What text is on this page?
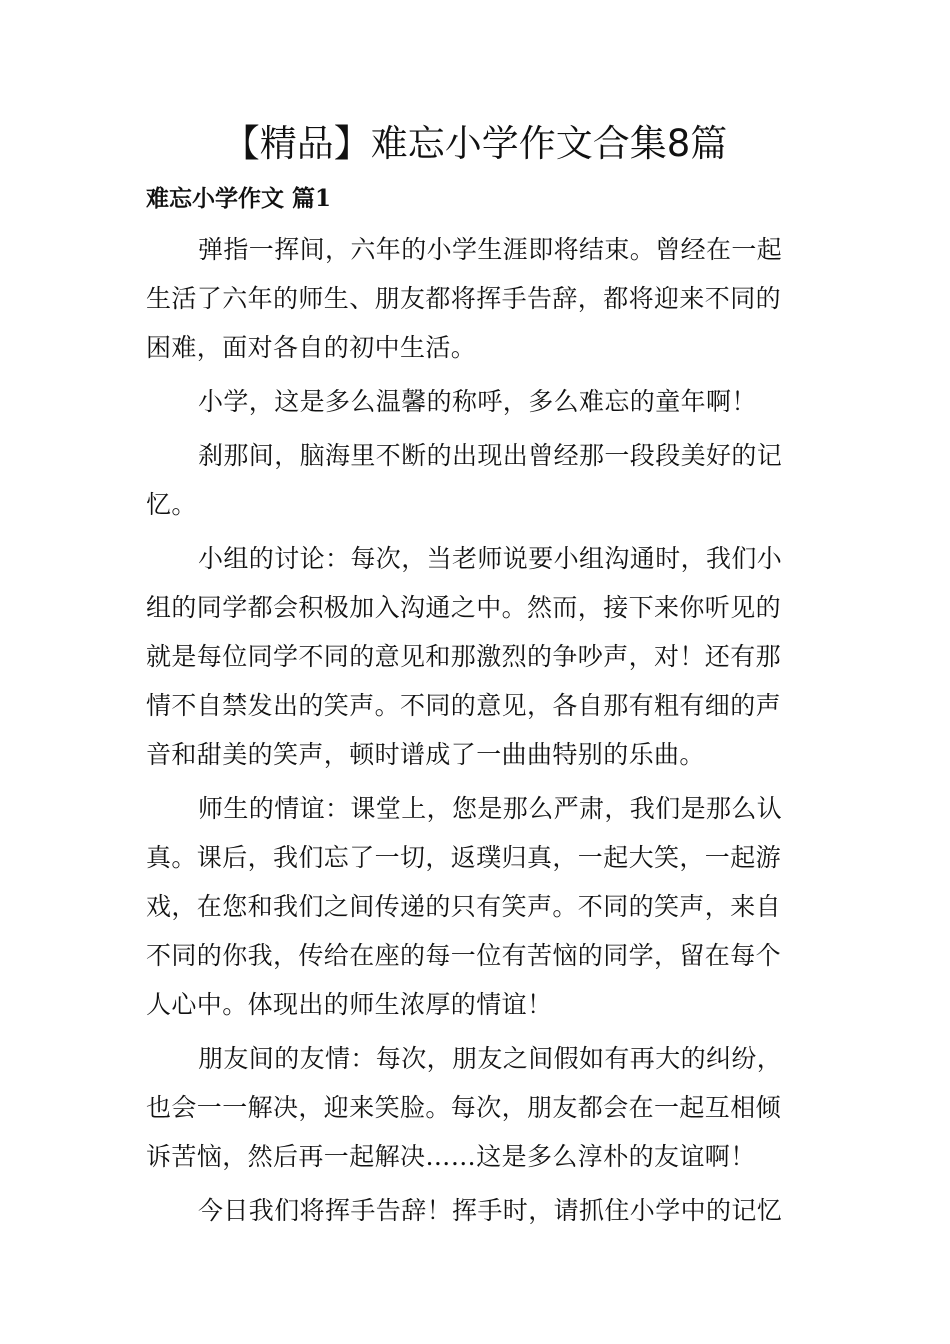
【精品】难忘小学作文合集8篇
难忘小学作文 篇1

弹指一挥间，六年的小学生涯即将结束。曾经在一起
生活了六年的师生、朋友都将挥手告辞，都将迎来不同的
困难，面对各自的初中生活。

小学，这是多么温馨的称呼，多么难忘的童年啊！

刹那间，脑海里不断的出现出曾经那一段段美好的记
忆。

小组的讨论：每次，当老师说要小组沟通时，我们小
组的同学都会积极加入沟通之中。然而，接下来你听见的
就是每位同学不同的意见和那激烈的争吵声，对！还有那
情不自禁发出的笑声。不同的意见，各自那有粗有细的声
音和甜美的笑声，顿时谱成了一曲曲特别的乐曲。

师生的情谊：课堂上，您是那么严肃，我们是那么认
真。课后，我们忘了一切，返璞归真，一起大笑，一起游
戏，在您和我们之间传递的只有笑声。不同的笑声，来自
不同的你我，传给在座的每一位有苦恼的同学，留在每个
人心中。体现出的师生浓厚的情谊！

朋友间的友情：每次，朋友之间假如有再大的纠纷，
也会一一解决，迎来笑脸。每次，朋友都会在一起互相倾
诉苦恼，然后再一起解决……这是多么淳朴的友谊啊！

今日我们将挥手告辞！挥手时，请抓住小学中的记忆
